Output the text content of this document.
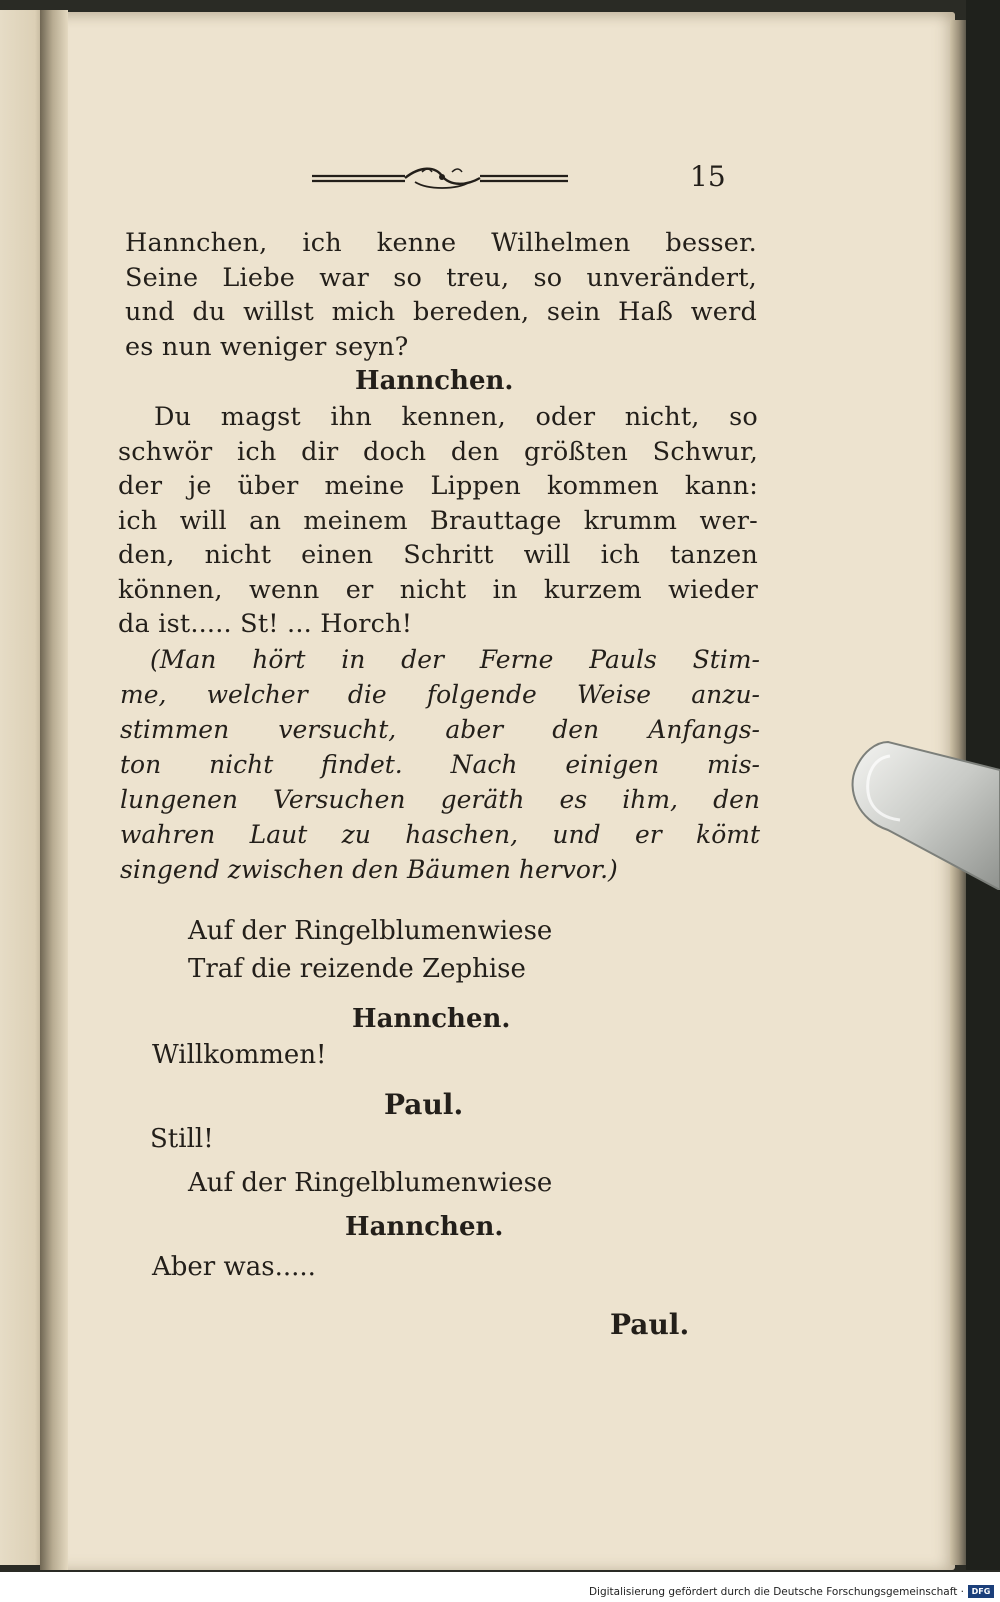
15
Hannchen, ich kenne Wilhelmen besser.
Seine Liebe war so treu, so unverändert,
und du willst mich bereden, sein Haß werd
es nun weniger seyn?
Hannchen.
Du magst ihn kennen, oder nicht, so
schwör ich dir doch den größten Schwur,
der je über meine Lippen kommen kann:
ich will an meinem Brauttage krumm wer-
den, nicht einen Schritt will ich tanzen
können, wenn er nicht in kurzem wieder
da ist..... St! ... Horch!
(Man hört in der Ferne Pauls Stim-
me, welcher die folgende Weise anzu-
stimmen versucht, aber den Anfangs-
ton nicht findet. Nach einigen mis-
lungenen Versuchen geräth es ihm, den
wahren Laut zu haschen, und er kömt
singend zwischen den Bäumen hervor.)
Auf der Ringelblumenwiese
Traf die reizende Zephise
Hannchen.
Willkommen!
Paul.
Still!
Auf der Ringelblumenwiese
Hannchen.
Aber was.....
Paul.
Digitalisierung gefördert durch die Deutsche Forschungsgemeinschaft · DFG
